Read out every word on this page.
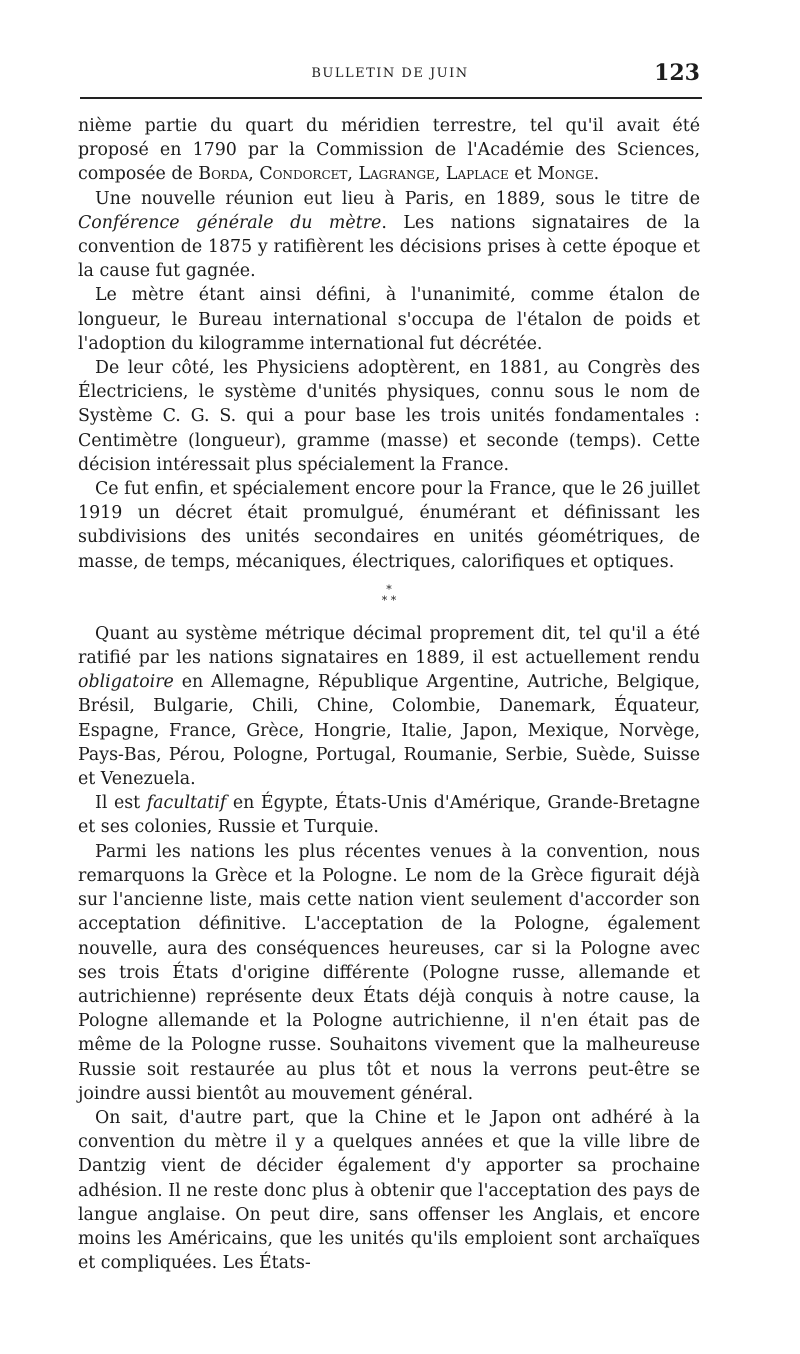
BULLETIN DE JUIN	123

nième partie du quart du méridien terrestre, tel qu'il avait été proposé en 1790 par la Commission de l'Académie des Sciences, composée de Borda, Condorcet, Lagrange, Laplace et Monge.

Une nouvelle réunion eut lieu à Paris, en 1889, sous le titre de Conférence générale du mètre. Les nations signataires de la convention de 1875 y ratifièrent les décisions prises à cette époque et la cause fut gagnée.

Le mètre étant ainsi défini, à l'unanimité, comme étalon de longueur, le Bureau international s'occupa de l'étalon de poids et l'adoption du kilogramme international fut décrétée.

De leur côté, les Physiciens adoptèrent, en 1881, au Congrès des Électriciens, le système d'unités physiques, connu sous le nom de Système C. G. S. qui a pour base les trois unités fondamentales : Centimètre (longueur), gramme (masse) et seconde (temps). Cette décision intéressait plus spécialement la France.

Ce fut enfin, et spécialement encore pour la France, que le 26 juillet 1919 un décret était promulgué, énumérant et définissant les subdivisions des unités secondaires en unités géométriques, de masse, de temps, mécaniques, électriques, calorifiques et optiques.

*
* *

Quant au système métrique décimal proprement dit, tel qu'il a été ratifié par les nations signataires en 1889, il est actuellement rendu obligatoire en Allemagne, République Argentine, Autriche, Belgique, Brésil, Bulgarie, Chili, Chine, Colombie, Danemark, Équateur, Espagne, France, Grèce, Hongrie, Italie, Japon, Mexique, Norvège, Pays-Bas, Pérou, Pologne, Portugal, Roumanie, Serbie, Suède, Suisse et Venezuela.

Il est facultatif en Égypte, États-Unis d'Amérique, Grande-Bretagne et ses colonies, Russie et Turquie.

Parmi les nations les plus récentes venues à la convention, nous remarquons la Grèce et la Pologne. Le nom de la Grèce figurait déjà sur l'ancienne liste, mais cette nation vient seulement d'accorder son acceptation définitive. L'acceptation de la Pologne, également nouvelle, aura des conséquences heureuses, car si la Pologne avec ses trois États d'origine différente (Pologne russe, allemande et autrichienne) représente deux États déjà conquis à notre cause, la Pologne allemande et la Pologne autrichienne, il n'en était pas de même de la Pologne russe. Souhaitons vivement que la malheureuse Russie soit restaurée au plus tôt et nous la verrons peut-être se joindre aussi bientôt au mouvement général.

On sait, d'autre part, que la Chine et le Japon ont adhéré à la convention du mètre il y a quelques années et que la ville libre de Dantzig vient de décider également d'y apporter sa prochaine adhésion. Il ne reste donc plus à obtenir que l'acceptation des pays de langue anglaise. On peut dire, sans offenser les Anglais, et encore moins les Américains, que les unités qu'ils emploient sont archaïques et compliquées. Les États-
